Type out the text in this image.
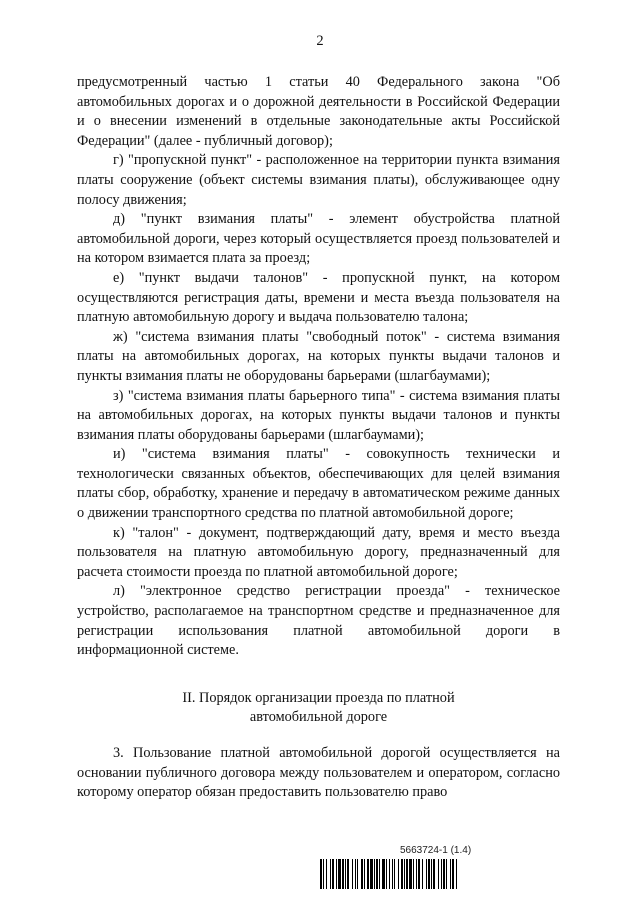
2

предусмотренный частью 1 статьи 40 Федерального закона "Об автомобильных дорогах и о дорожной деятельности в Российской Федерации и о внесении изменений в отдельные законодательные акты Российской Федерации" (далее - публичный договор);

г) "пропускной пункт" - расположенное на территории пункта взимания платы сооружение (объект системы взимания платы), обслуживающее одну полосу движения;

д) "пункт взимания платы" - элемент обустройства платной автомобильной дороги, через который осуществляется проезд пользователей и на котором взимается плата за проезд;

е) "пункт выдачи талонов" - пропускной пункт, на котором осуществляются регистрация даты, времени и места въезда пользователя на платную автомобильную дорогу и выдача пользователю талона;

ж) "система взимания платы "свободный поток" - система взимания платы на автомобильных дорогах, на которых пункты выдачи талонов и пункты взимания платы не оборудованы барьерами (шлагбаумами);

з) "система взимания платы барьерного типа" - система взимания платы на автомобильных дорогах, на которых пункты выдачи талонов и пункты взимания платы оборудованы барьерами (шлагбаумами);

и) "система взимания платы" - совокупность технически и технологически связанных объектов, обеспечивающих для целей взимания платы сбор, обработку, хранение и передачу в автоматическом режиме данных о движении транспортного средства по платной автомобильной дороге;

к) "талон" - документ, подтверждающий дату, время и место въезда пользователя на платную автомобильную дорогу, предназначенный для расчета стоимости проезда по платной автомобильной дороге;

л) "электронное средство регистрации проезда" - техническое устройство, располагаемое на транспортном средстве и предназначенное для регистрации использования платной автомобильной дороги в информационной системе.

II. Порядок организации проезда по платной
автомобильной дороге

3. Пользование платной автомобильной дорогой осуществляется на основании публичного договора между пользователем и оператором, согласно которому оператор обязан предоставить пользователю право

5663724-1 (1.4)
